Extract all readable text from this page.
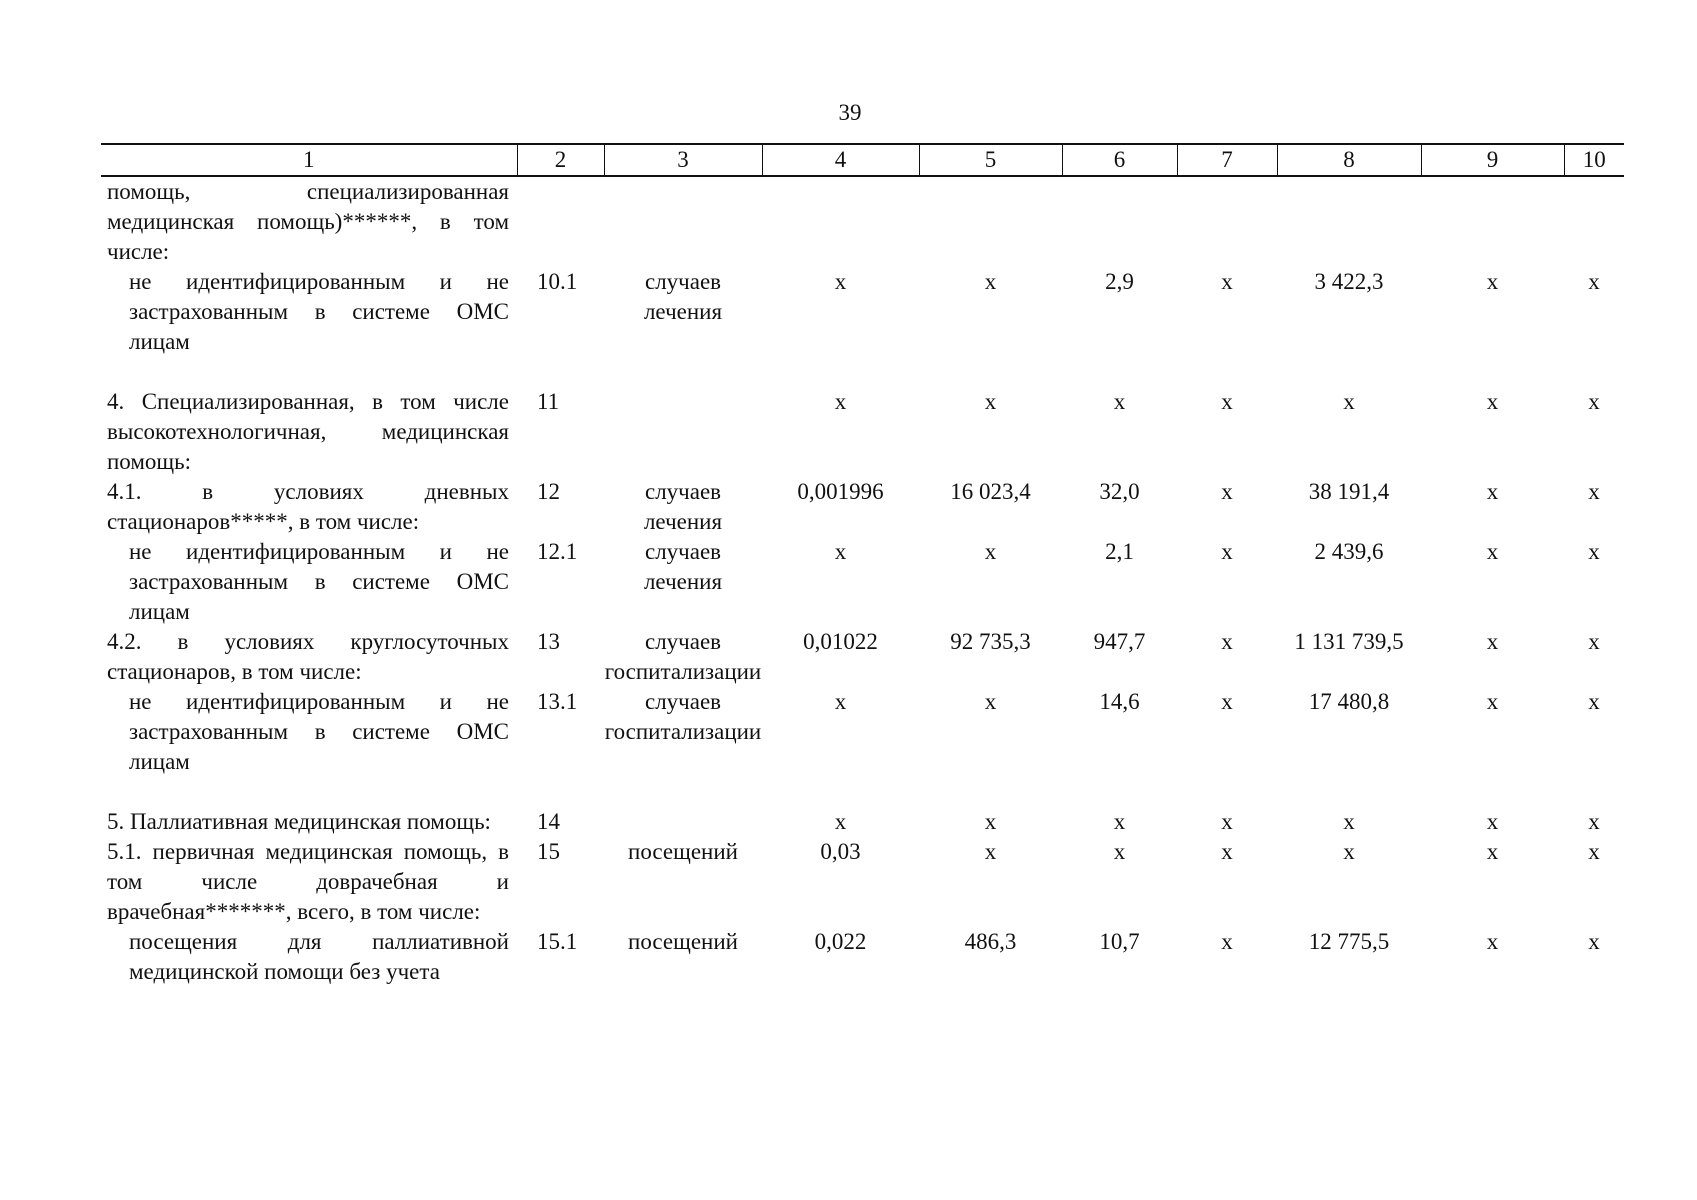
39
1	2	3	4	5	6	7	8	9	10
помощь, специализированная медицинская помощь)******, в том числе:									
не идентифицированным и не застрахованным в системе ОМС лицам	10.1	случаев лечения	х	х	2,9	х	3 422,3	х	х
4. Специализированная, в том числе высокотехнологичная, медицинская помощь:	11		х	х	х	х	х	х	х
4.1. в условиях дневных стационаров*****, в том числе:	12	случаев лечения	0,001996	16 023,4	32,0	х	38 191,4	х	х
не идентифицированным и не застрахованным в системе ОМС лицам	12.1	случаев лечения	х	х	2,1	х	2 439,6	х	х
4.2. в условиях круглосуточных стационаров, в том числе:	13	случаев госпитализации	0,01022	92 735,3	947,7	х	1 131 739,5	х	х
не идентифицированным и не застрахованным в системе ОМС лицам	13.1	случаев госпитализации	х	х	14,6	х	17 480,8	х	х
5. Паллиативная медицинская помощь:	14		х	х	х	х	х	х	х
5.1. первичная медицинская помощь, в том числе доврачебная и врачебная*******, всего, в том числе:	15	посещений	0,03	х	х	х	х	х	х
посещения для паллиативной медицинской помощи без учета	15.1	посещений	0,022	486,3	10,7	х	12 775,5	х	х
